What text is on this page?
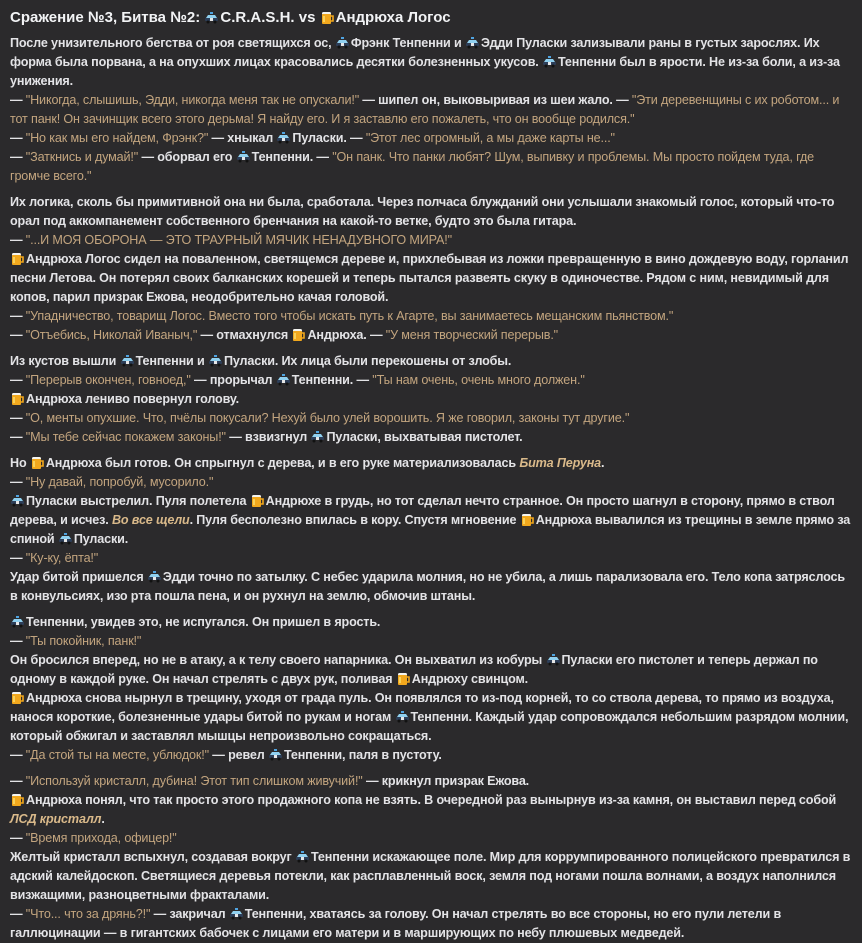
Сражение №3, Битва №2:
C.R.A.S.H. vs
Андрюха Логос
После унизительного бегства от роя светящихся ос,
Фрэнк Тенпенни и
Эдди Пуласки зализывали раны в густых зарослях. Их форма была порвана, а на опухших лицах красовались десятки болезненных укусов.
Тенпенни был в ярости. Не из-за боли, а из-за унижения.
— "Никогда, слышишь, Эдди, никогда меня так не опускали!" — шипел он, выковыривая из шеи жало. — "Эти деревенщины с их роботом... и тот панк! Он зачинщик всего этого дерьма! Я найду его. И я заставлю его пожалеть, что он вообще родился."
— "Но как мы его найдем, Фрэнк?" — хныкал
Пуласки. — "Этот лес огромный, а мы даже карты не..."
— "Заткнись и думай!" — оборвал его
Тенпенни. — "Он панк. Что панки любят? Шум, выпивку и проблемы. Мы просто пойдем туда, где громче всего."
Их логика, сколь бы примитивной она ни была, сработала. Через полчаса блужданий они услышали знакомый голос, который что-то орал под аккомпанемент собственного бренчания на какой-то ветке, будто это была гитара.
— "...И МОЯ ОБОРОНА — ЭТО ТРАУРНЫЙ МЯЧИК НЕНАДУВНОГО МИРА!"
Андрюха Логос сидел на поваленном, светящемся дереве и, прихлебывая из ложки превращенную в вино дождевую воду, горланил песни Летова. Он потерял своих балканских корешей и теперь пытался развеять скуку в одиночестве. Рядом с ним, невидимый для копов, парил призрак Ежова, неодобрительно качая головой.
— "Упадничество, товарищ Логос. Вместо того чтобы искать путь к Агарте, вы занимаетесь мещанским пьянством."
— "Отъебись, Николай Иваныч," — отмахнулся
Андрюха. — "У меня творческий перерыв."
Из кустов вышли
Тенпенни и
Пуласки. Их лица были перекошены от злобы.
— "Перерыв окончен, говноед," — прорычал
Тенпенни. — "Ты нам очень, очень много должен."
Андрюха лениво повернул голову.
— "О, менты опухшие. Что, пчёлы покусали? Нехуй было улей ворошить. Я же говорил, законы тут другие."
— "Мы тебе сейчас покажем законы!" — взвизгнул
Пуласки, выхватывая пистолет.
Но
Андрюха был готов. Он спрыгнул с дерева, и в его руке материализовалась Бита Перуна.
— "Ну давай, попробуй, мусорило."
Пуласки выстрелил. Пуля полетела
Андрюхе в грудь, но тот сделал нечто странное. Он просто шагнул в сторону, прямо в ствол дерева, и исчез. Во все щели. Пуля бесполезно впилась в кору. Спустя мгновение
Андрюха вывалился из трещины в земле прямо за спиной
Пуласки.
— "Ку-ку, ёпта!"
Удар битой пришелся
Эдди точно по затылку. С небес ударила молния, но не убила, а лишь парализовала его. Тело копа затряслось в конвульсиях, изо рта пошла пена, и он рухнул на землю, обмочив штаны.
Тенпенни, увидев это, не испугался. Он пришел в ярость.
— "Ты покойник, панк!"
Он бросился вперед, но не в атаку, а к телу своего напарника. Он выхватил из кобуры
Пуласки его пистолет и теперь держал по одному в каждой руке. Он начал стрелять с двух рук, поливая
Андрюху свинцом.
Андрюха снова нырнул в трещину, уходя от града пуль. Он появлялся то из-под корней, то со ствола дерева, то прямо из воздуха, нанося короткие, болезненные удары битой по рукам и ногам
Тенпенни. Каждый удар сопровождался небольшим разрядом молнии, который обжигал и заставлял мышцы непроизвольно сокращаться.
— "Да стой ты на месте, ублюдок!" — ревел
Тенпенни, паля в пустоту.
— "Используй кристалл, дубина! Этот тип слишком живучий!" — крикнул призрак Ежова.
Андрюха понял, что так просто этого продажного копа не взять. В очередной раз вынырнув из-за камня, он выставил перед собой ЛСД кристалл.
— "Время прихода, офицер!"
Желтый кристалл вспыхнул, создавая вокруг
Тенпенни искажающее поле. Мир для коррумпированного полицейского превратился в адский калейдоскоп. Светящиеся деревья потекли, как расплавленный воск, земля под ногами пошла волнами, а воздух наполнился визжащими, разноцветными фракталами.
— "Что... что за дрянь?!" — закричал
Тенпенни, хватаясь за голову. Он начал стрелять во все стороны, но его пули летели в галлюцинации — в гигантских бабочек с лицами его матери и в марширующих по небу плюшевых медведей.
